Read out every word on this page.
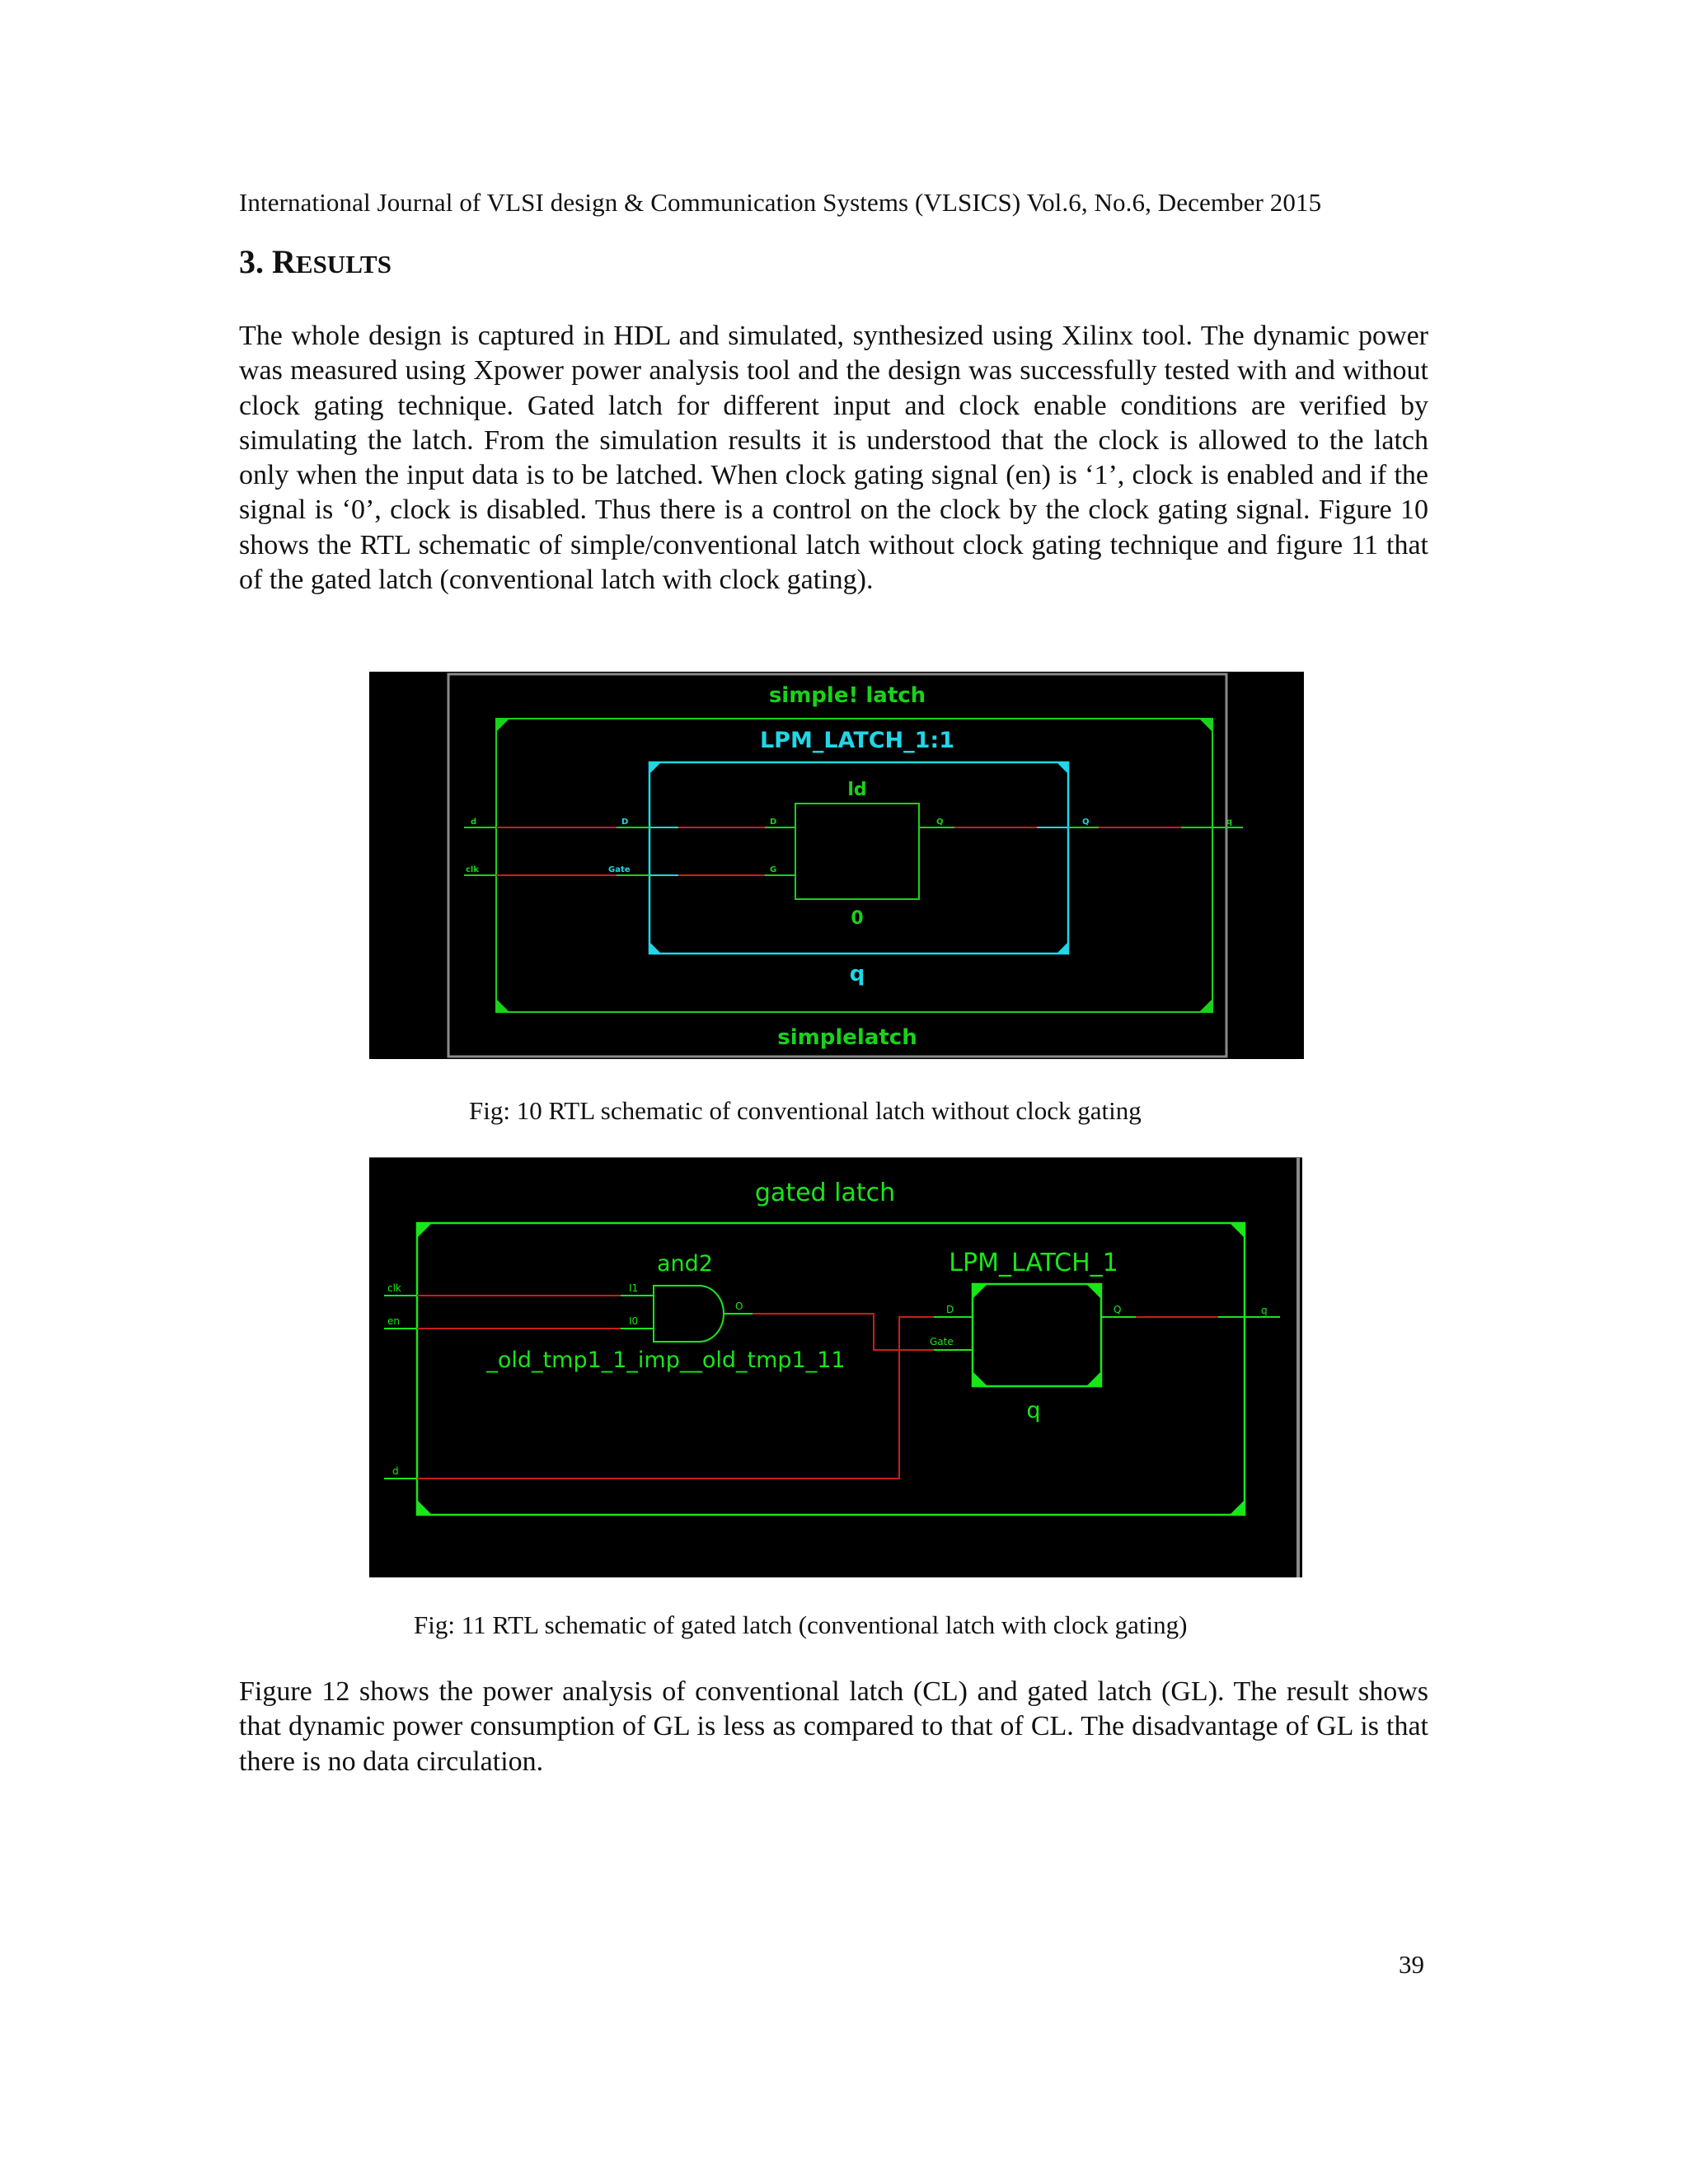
International Journal of VLSI design & Communication Systems (VLSICS) Vol.6, No.6, December 2015
3. RESULTS

The whole design is captured in HDL and simulated, synthesized using Xilinx tool. The dynamic power was measured using Xpower power analysis tool and the design was successfully tested with and without clock gating technique. Gated latch for different input and clock enable conditions are verified by simulating the latch. From the simulation results it is understood that the clock is allowed to the latch only when the input data is to be latched. When clock gating signal (en) is ‘1’, clock is enabled and if the signal is ‘0’, clock is disabled. Thus there is a control on the clock by the clock gating signal. Figure 10 shows the RTL schematic of simple/conventional latch without clock gating technique and figure 11 that of the gated latch (conventional latch with clock gating).

simple! latch
simplelatch
LPM_LATCH_1:1
q
ld
0
d
clk
q
D
Gate
D
G
Q	Q
Fig: 10 RTL schematic of conventional latch without clock gating
gated latch
and2
_old_tmp1_1_imp__old_tmp1_11
LPM_LATCH_1
q
clk
en
d
q
I1
I0
O	D
Gate
Q
Fig: 11 RTL schematic of gated latch (conventional latch with clock gating)

Figure 12 shows the power analysis of conventional latch (CL) and gated latch (GL). The result shows that dynamic power consumption of GL is less as compared to that of CL. The disadvantage of GL is that there is no data circulation.

39
